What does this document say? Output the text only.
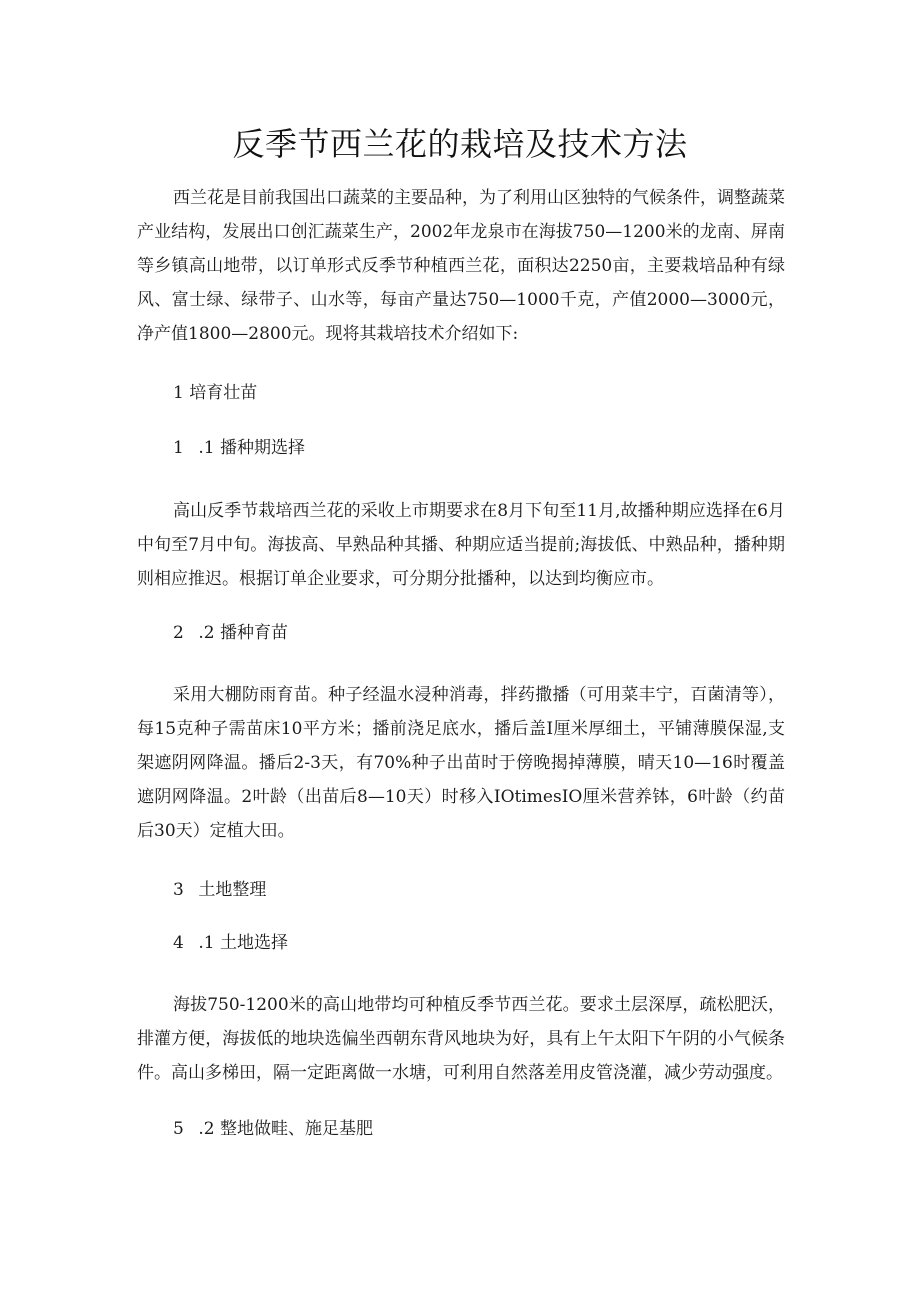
反季节西兰花的栽培及技术方法

西兰花是目前我国出口蔬菜的主要品种，为了利用山区独特的气候条件，调整蔬菜产业结构，发展出口创汇蔬菜生产，2002年龙泉市在海拔750—1200米的龙南、屏南等乡镇高山地带，以订单形式反季节种植西兰花，面积达2250亩，主要栽培品种有绿风、富士绿、绿带子、山水等，每亩产量达750—1000千克，产值2000—3000元，净产值1800—2800元。现将其栽培技术介绍如下:

1 培育壮苗

1 .1 播种期选择

高山反季节栽培西兰花的采收上市期要求在8月下旬至11月,故播种期应选择在6月中旬至7月中旬。海拔高、早熟品种其播、种期应适当提前;海拔低、中熟品种，播种期则相应推迟。根据订单企业要求，可分期分批播种，以达到均衡应市。

2 .2 播种育苗

采用大棚防雨育苗。种子经温水浸种消毒，拌药撒播（可用菜丰宁，百菌清等），每15克种子需苗床10平方米；播前浇足底水，播后盖I厘米厚细土，平铺薄膜保湿,支架遮阴网降温。播后2-3天，有70%种子出苗时于傍晚揭掉薄膜，晴天10—16时覆盖遮阴网降温。2叶龄（出苗后8—10天）时移入IOtimesIO厘米营养钵，6叶龄（约苗后30天）定植大田。

3 土地整理

海拔750-1200米的高山地带均可种植反季节西兰花。要求土层深厚，疏松肥沃，排灌方便，海拔低的地块选偏坐西朝东背风地块为好，具有上午太阳下午阴的小气候条件。高山多梯田，隔一定距离做一水塘，可利用自然落差用皮管浇灌，减少劳动强度。

4 .1 土地选择

5 .2 整地做畦、施足基肥
